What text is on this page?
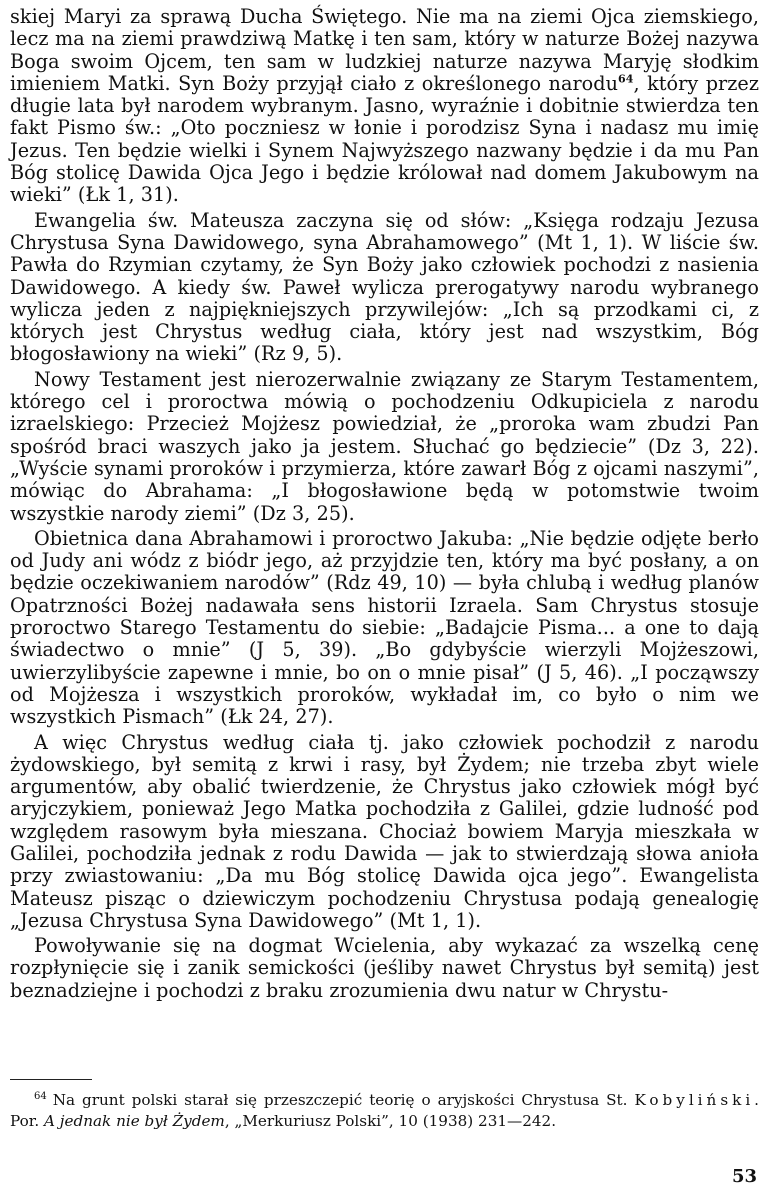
skiej Maryi za sprawą Ducha Świętego. Nie ma na ziemi Ojca ziemskiego, lecz ma na ziemi prawdziwą Matkę i ten sam, który w naturze Bożej nazywa Boga swoim Ojcem, ten sam w ludzkiej naturze nazywa Maryję słodkim imieniem Matki. Syn Boży przyjął ciało z określonego narodu$^{64}$, który przez długie lata był narodem wybranym. Jasno, wyraźnie i dobitnie stwierdza ten fakt Pismo św.: „Oto poczniesz w łonie i porodzisz Syna i nadasz mu imię Jezus. Ten będzie wielki i Synem Najwyższego nazwany będzie i da mu Pan Bóg stolicę Dawida Ojca Jego i będzie królował nad domem Jakubowym na wieki” (Łk 1, 31).

Ewangelia św. Mateusza zaczyna się od słów: „Księga rodzaju Jezusa Chrystusa Syna Dawidowego, syna Abrahamowego” (Mt 1, 1). W liście św. Pawła do Rzymian czytamy, że Syn Boży jako człowiek pochodzi z nasienia Dawidowego. A kiedy św. Paweł wylicza prerogatywy narodu wybranego wylicza jeden z najpiękniejszych przywilejów: „Ich są przodkami ci, z których jest Chrystus według ciała, który jest nad wszystkim, Bóg błogosławiony na wieki” (Rz 9, 5).

Nowy Testament jest nierozerwalnie związany ze Starym Testamentem, którego cel i proroctwa mówią o pochodzeniu Odkupiciela z narodu izraelskiego: Przecież Mojżesz powiedział, że „proroka wam zbudzi Pan spośród braci waszych jako ja jestem. Słuchać go będziecie” (Dz 3, 22). „Wyście synami proroków i przymierza, które zawarł Bóg z ojcami naszymi”, mówiąc do Abrahama: „I błogosławione będą w potomstwie twoim wszystkie narody ziemi” (Dz 3, 25).

Obietnica dana Abrahamowi i proroctwo Jakuba: „Nie będzie odjęte berło od Judy ani wódz z biódr jego, aż przyjdzie ten, który ma być posłany, a on będzie oczekiwaniem narodów” (Rdz 49, 10) — była chlubą i według planów Opatrzności Bożej nadawała sens historii Izraela. Sam Chrystus stosuje proroctwo Starego Testamentu do siebie: „Badajcie Pisma... a one to dają świadectwo o mnie” (J 5, 39). „Bo gdybyście wierzyli Mojżeszowi, uwierzylibyście zapewne i mnie, bo on o mnie pisał” (J 5, 46). „I począwszy od Mojżesza i wszystkich proroków, wykładał im, co było o nim we wszystkich Pismach” (Łk 24, 27).

A więc Chrystus według ciała tj. jako człowiek pochodził z narodu żydowskiego, był semitą z krwi i rasy, był Żydem; nie trzeba zbyt wiele argumentów, aby obalić twierdzenie, że Chrystus jako człowiek mógł być aryjczykiem, ponieważ Jego Matka pochodziła z Galilei, gdzie ludność pod względem rasowym była mieszana. Chociaż bowiem Maryja mieszkała w Galilei, pochodziła jednak z rodu Dawida — jak to stwierdzają słowa anioła przy zwiastowaniu: „Da mu Bóg stolicę Dawida ojca jego”. Ewangelista Mateusz pisząc o dziewiczym pochodzeniu Chrystusa podają genealogię „Jezusa Chrystusa Syna Dawidowego” (Mt 1, 1).

Powoływanie się na dogmat Wcielenia, aby wykazać za wszelką cenę rozpłynięcie się i zanik semickości (jeśliby nawet Chrystus był semitą) jest beznadziejne i pochodzi z braku zrozumienia dwu natur w Chrystu-

$^{64}$ Na grunt polski starał się przeszczepić teorię o aryjskości Chrystusa St. Kobyliński. Por. A jednak nie był Żydem, „Merkuriusz Polski”, 10 (1938) 231—242.

53
